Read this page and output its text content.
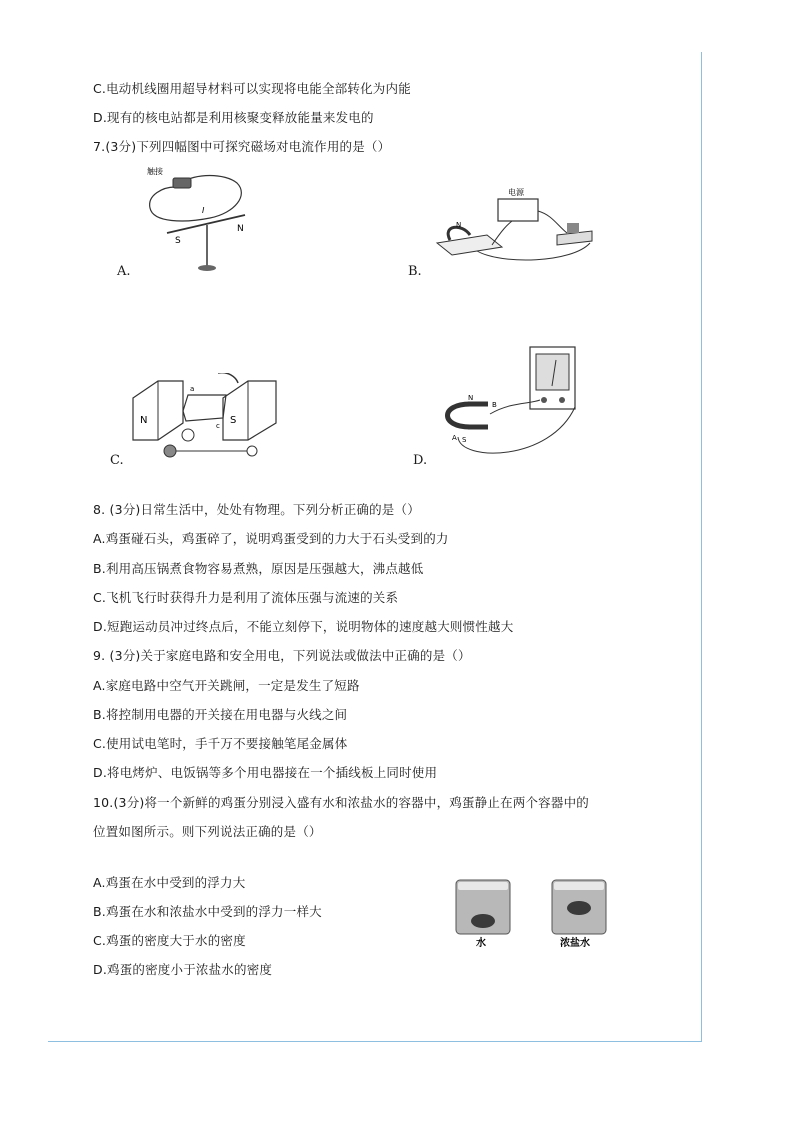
C.电动机线圈用超导材料可以实现将电能全部转化为内能
D.现有的核电站都是利用核聚变释放能量来发电的
7.(3分)下列四幅图中可探究磁场对电流作用的是（）
触接
S
N
I
A.
电源
N
B.
N	S
a
c
C.
N
S
B
A
D.
8. (3分)日常生活中，处处有物理。下列分析正确的是（）
A.鸡蛋碰石头，鸡蛋碎了，说明鸡蛋受到的力大于石头受到的力
B.利用高压锅煮食物容易煮熟，原因是压强越大，沸点越低
C.飞机飞行时获得升力是利用了流体压强与流速的关系
D.短跑运动员冲过终点后，不能立刻停下，说明物体的速度越大则惯性越大
9. (3分)关于家庭电路和安全用电，下列说法或做法中正确的是（）
A.家庭电路中空气开关跳闸，一定是发生了短路
B.将控制用电器的开关接在用电器与火线之间
C.使用试电笔时，手千万不要接触笔尾金属体
D.将电烤炉、电饭锅等多个用电器接在一个插线板上同时使用
10.(3分)将一个新鲜的鸡蛋分别浸入盛有水和浓盐水的容器中，鸡蛋静止在两个容器中的
位置如图所示。则下列说法正确的是（）
A.鸡蛋在水中受到的浮力大
B.鸡蛋在水和浓盐水中受到的浮力一样大
C.鸡蛋的密度大于水的密度
D.鸡蛋的密度小于浓盐水的密度
水	浓盐水
